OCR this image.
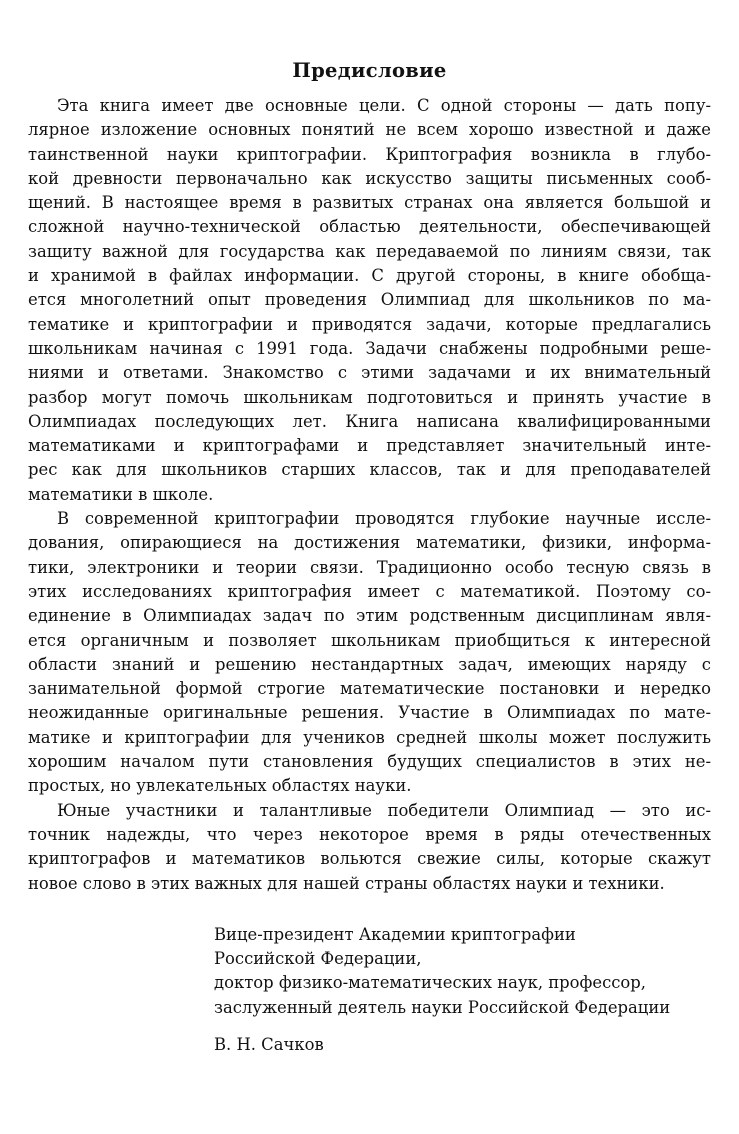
Предисловие

Эта книга имеет две основные цели. С одной стороны — дать попу-
лярное изложение основных понятий не всем хорошо известной и даже
таинственной науки криптографии. Криптография возникла в глубо-
кой древности первоначально как искусство защиты письменных сооб-
щений. В настоящее время в развитых странах она является большой и
сложной научно-технической областью деятельности, обеспечивающей
защиту важной для государства как передаваемой по линиям связи, так
и хранимой в файлах информации. С другой стороны, в книге обобща-
ется многолетний опыт проведения Олимпиад для школьников по ма-
тематике и криптографии и приводятся задачи, которые предлагались
школьникам начиная с 1991 года. Задачи снабжены подробными реше-
ниями и ответами. Знакомство с этими задачами и их внимательный
разбор могут помочь школьникам подготовиться и принять участие в
Олимпиадах последующих лет. Книга написана квалифицированными
математиками и криптографами и представляет значительный инте-
рес как для школьников старших классов, так и для преподавателей
математики в школе.

В современной криптографии проводятся глубокие научные иссле-
дования, опирающиеся на достижения математики, физики, информа-
тики, электроники и теории связи. Традиционно особо тесную связь в
этих исследованиях криптография имеет с математикой. Поэтому со-
единение в Олимпиадах задач по этим родственным дисциплинам явля-
ется органичным и позволяет школьникам приобщиться к интересной
области знаний и решению нестандартных задач, имеющих наряду с
занимательной формой строгие математические постановки и нередко
неожиданные оригинальные решения. Участие в Олимпиадах по мате-
матике и криптографии для учеников средней школы может послужить
хорошим началом пути становления будущих специалистов в этих не-
простых, но увлекательных областях науки.

Юные участники и талантливые победители Олимпиад — это ис-
точник надежды, что через некоторое время в ряды отечественных
криптографов и математиков вольются свежие силы, которые скажут
новое слово в этих важных для нашей страны областях науки и техники.

Вице-президент Академии криптографии
Российской Федерации,
доктор физико-математических наук, профессор,
заслуженный деятель науки Российской Федерации
В. Н. Сачков
